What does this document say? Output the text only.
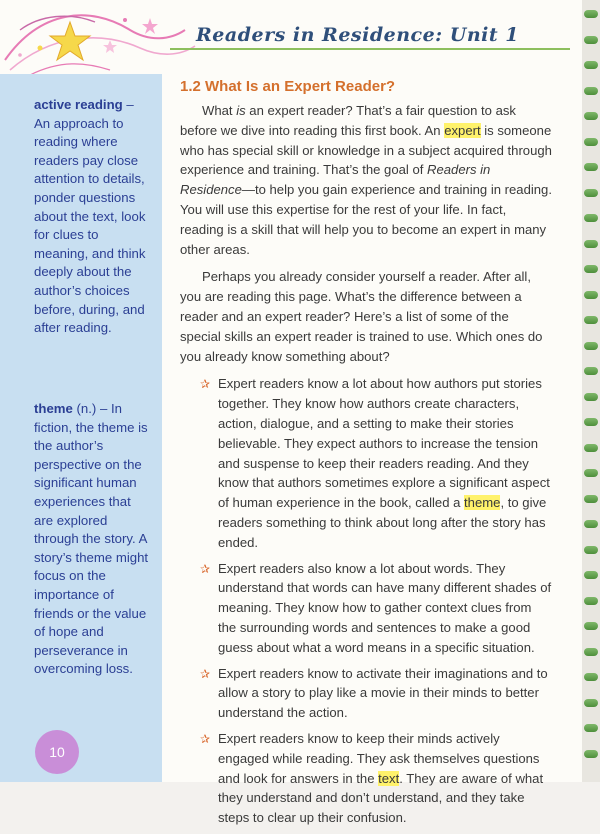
Readers in Residence: Unit 1

active reading – An approach to reading where readers pay close attention to details, ponder questions about the text, look for clues to meaning, and think deeply about the author’s choices before, during, and after reading.

theme (n.) – In fiction, the theme is the author’s perspective on the significant human experiences that are explored through the story. A story’s theme might focus on the importance of friends or the value of hope and perseverance in overcoming loss.

10
1.2 What Is an Expert Reader?

What is an expert reader? That’s a fair question to ask before we dive into reading this first book. An expert is someone who has special skill or knowledge in a subject acquired through experience and training. That’s the goal of Readers in Residence—to help you gain experience and training in reading. You will use this expertise for the rest of your life. In fact, reading is a skill that will help you to become an expert in many other areas.

Perhaps you already consider yourself a reader. After all, you are reading this page. What’s the difference between a reader and an expert reader? Here’s a list of some of the special skills an expert reader is trained to use. Which ones do you already know something about?

✰ Expert readers know a lot about how authors put stories together. They know how authors create characters, action, dialogue, and a setting to make their stories believable. They expect authors to increase the tension and suspense to keep their readers reading. And they know that authors sometimes explore a significant aspect of human experience in the book, called a theme, to give readers something to think about long after the story has ended.
✰ Expert readers also know a lot about words. They understand that words can have many different shades of meaning. They know how to gather context clues from the surrounding words and sentences to make a good guess about what a word means in a specific situation.
✰ Expert readers know to activate their imaginations and to allow a story to play like a movie in their minds to better understand the action.
✰ Expert readers know to keep their minds actively engaged while reading. They ask themselves questions and look for answers in the text. They are aware of what they understand and don’t understand, and they take steps to clear up their confusion.
